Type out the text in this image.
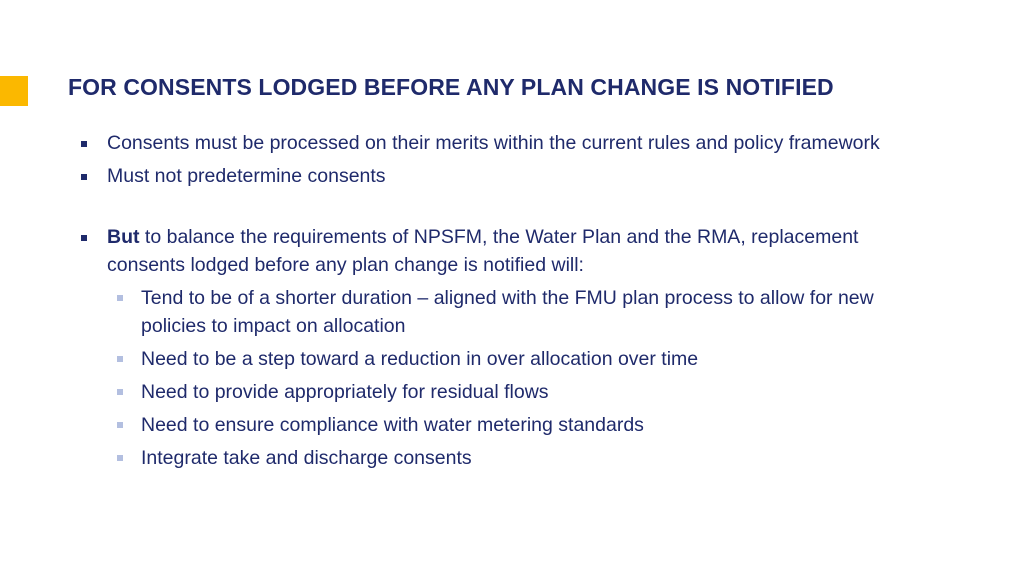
FOR CONSENTS LODGED BEFORE ANY PLAN CHANGE IS NOTIFIED

Consents must be processed on their merits within the current rules and policy framework

Must not predetermine consents

But to balance the requirements of NPSFM, the Water Plan and the RMA, replacement consents lodged before any plan change is notified will:

Tend to be of a shorter duration – aligned with the FMU plan process to allow for new policies to impact on allocation

Need to be a step toward a reduction in over allocation over time

Need to provide appropriately for residual flows

Need to ensure compliance with water metering standards

Integrate take and discharge consents
